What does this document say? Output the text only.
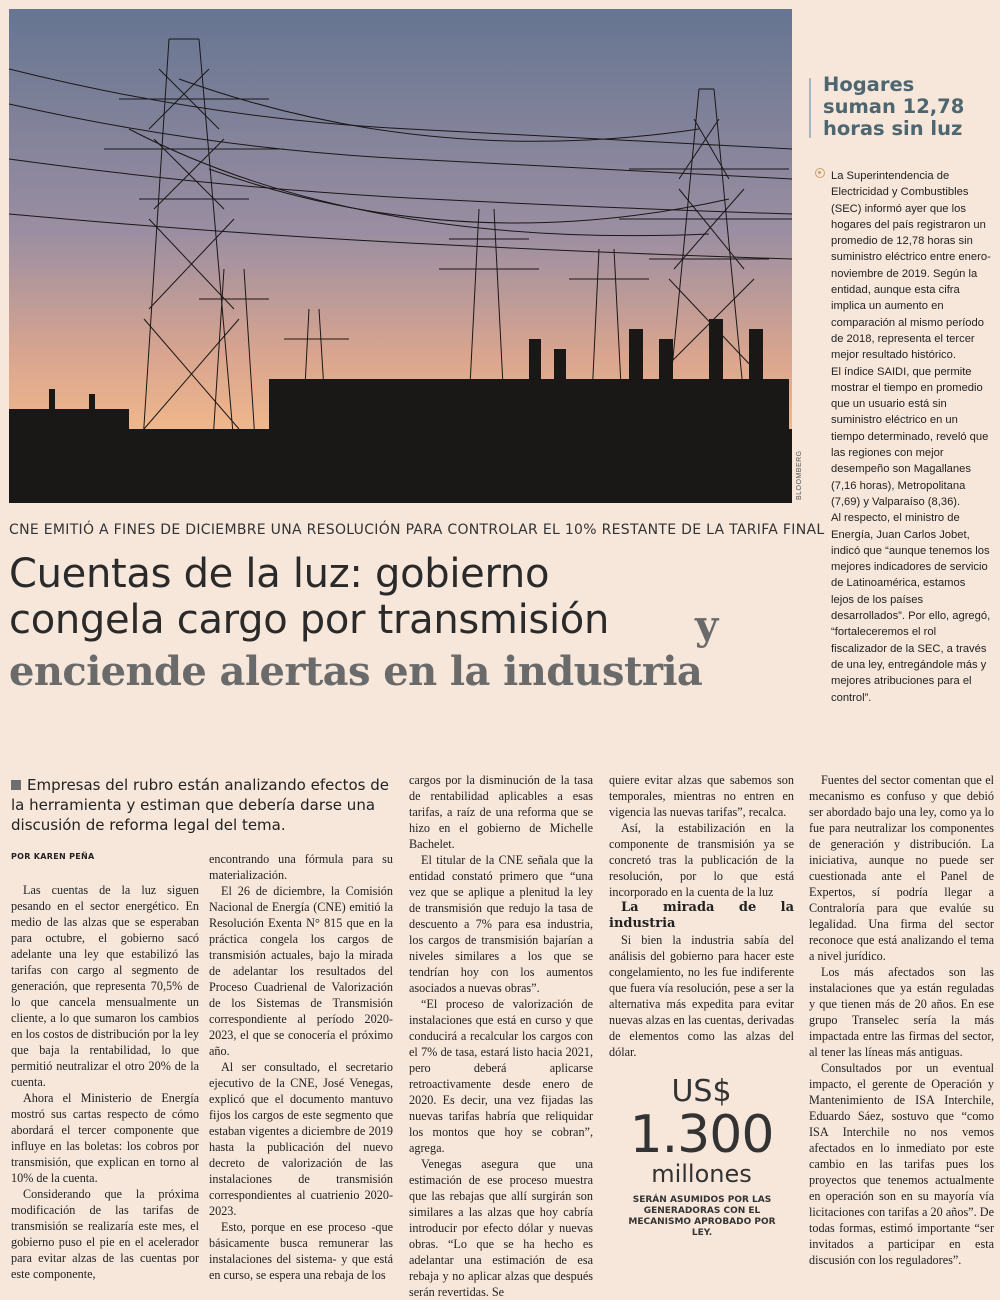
BLOOMBERG
Hogares suman 12,78 horas sin luz
La Superintendencia de Electricidad y Combustibles (SEC) informó ayer que los hogares del país registraron un promedio de 12,78 horas sin suministro eléctrico entre enero-noviembre de 2019. Según la entidad, aunque esta cifra implica un aumento en comparación al mismo período de 2018, representa el tercer mejor resultado histórico.
El índice SAIDI, que permite mostrar el tiempo en promedio que un usuario está sin suministro eléctrico en un tiempo determinado, reveló que las regiones con mejor desempeño son Magallanes (7,16 horas), Metropolitana (7,69) y Valparaíso (8,36).
Al respecto, el ministro de Energía, Juan Carlos Jobet, indicó que “aunque tenemos los mejores indicadores de servicio de Latinoamérica, estamos lejos de los países desarrollados”. Por ello, agregó, “fortaleceremos el rol fiscalizador de la SEC, a través de una ley, entregándole más y mejores atribuciones para el control”.
CNE EMITIÓ A FINES DE DICIEMBRE UNA RESOLUCIÓN PARA CONTROLAR EL 10% RESTANTE DE LA TARIFA FINAL
Cuentas de la luz: gobierno
congela cargo por transmisión	y
enciende alertas en la industria
Empresas del rubro están analizando efectos de la herramienta y estiman que debería darse una discusión de reforma legal del tema.
POR KAREN PEÑA

Las cuentas de la luz siguen pesando en el sector energético. En medio de las alzas que se esperaban para octubre, el gobierno sacó adelante una ley que estabilizó las tarifas con cargo al segmento de generación, que representa 70,5% de lo que cancela mensualmente un cliente, a lo que sumaron los cambios en los costos de distribución por la ley que baja la rentabilidad, lo que permitió neutralizar el otro 20% de la cuenta.

Ahora el Ministerio de Energía mostró sus cartas respecto de cómo abordará el tercer componente que influye en las boletas: los cobros por transmisión, que explican en torno al 10% de la cuenta.

Considerando que la próxima modificación de las tarifas de transmisión se realizaría este mes, el gobierno puso el pie en el acelerador para evitar alzas de las cuentas por este componente,

encontrando una fórmula para su materialización.

El 26 de diciembre, la Comisión Nacional de Energía (CNE) emitió la Resolución Exenta N° 815 que en la práctica congela los cargos de transmisión actuales, bajo la mirada de adelantar los resultados del Proceso Cuadrienal de Valorización de los Sistemas de Transmisión correspondiente al período 2020-2023, el que se conocería el próximo año.

Al ser consultado, el secretario ejecutivo de la CNE, José Venegas, explicó que el documento mantuvo fijos los cargos de este segmento que estaban vigentes a diciembre de 2019 hasta la publicación del nuevo decreto de valorización de las instalaciones de transmisión correspondientes al cuatrienio 2020-2023.

Esto, porque en ese proceso -que básicamente busca remunerar las instalaciones del sistema- y que está en curso, se espera una rebaja de los

cargos por la disminución de la tasa de rentabilidad aplicables a esas tarifas, a raíz de una reforma que se hizo en el gobierno de Michelle Bachelet.

El titular de la CNE señala que la entidad constató primero que “una vez que se aplique a plenitud la ley de transmisión que redujo la tasa de descuento a 7% para esa industria, los cargos de transmisión bajarían a niveles similares a los que se tendrían hoy con los aumentos asociados a nuevas obras”.

“El proceso de valorización de instalaciones que está en curso y que conducirá a recalcular los cargos con el 7% de tasa, estará listo hacia 2021, pero deberá aplicarse retroactivamente desde enero de 2020. Es decir, una vez fijadas las nuevas tarifas habría que reliquidar los montos que hoy se cobran”, agrega.

Venegas asegura que una estimación de ese proceso muestra que las rebajas que allí surgirán son similares a las alzas que hoy cabría introducir por efecto dólar y nuevas obras. “Lo que se ha hecho es adelantar una estimación de esa rebaja y no aplicar alzas que después serán revertidas. Se

quiere evitar alzas que sabemos son temporales, mientras no entren en vigencia las nuevas tarifas”, recalca.

Así, la estabilización en la componente de transmisión ya se concretó tras la publicación de la resolución, por lo que está incorporado en la cuenta de la luz

La mirada de la industria

Si bien la industria sabía del análisis del gobierno para hacer este congelamiento, no les fue indiferente que fuera vía resolución, pese a ser la alternativa más expedita para evitar nuevas alzas en las cuentas, derivadas de elementos como las alzas del dólar.

Fuentes del sector comentan que el mecanismo es confuso y que debió ser abordado bajo una ley, como ya lo fue para neutralizar los componentes de generación y distribución. La iniciativa, aunque no puede ser cuestionada ante el Panel de Expertos, sí podría llegar a Contraloría para que evalúe su legalidad. Una firma del sector reconoce que está analizando el tema a nivel jurídico.

Los más afectados son las instalaciones que ya están reguladas y que tienen más de 20 años. En ese grupo Transelec sería la más impactada entre las firmas del sector, al tener las líneas más antiguas.

Consultados por un eventual impacto, el gerente de Operación y Mantenimiento de ISA Interchile, Eduardo Sáez, sostuvo que “como ISA Interchile no nos vemos afectados en lo inmediato por este cambio en las tarifas pues los proyectos que tenemos actualmente en operación son en su mayoría vía licitaciones con tarifas a 20 años”. De todas formas, estimó importante “ser invitados a participar en esta discusión con los reguladores”.

US$
1.300
millones
SERÁN ASUMIDOS POR LAS GENERADORAS CON EL MECANISMO APROBADO POR LEY.
